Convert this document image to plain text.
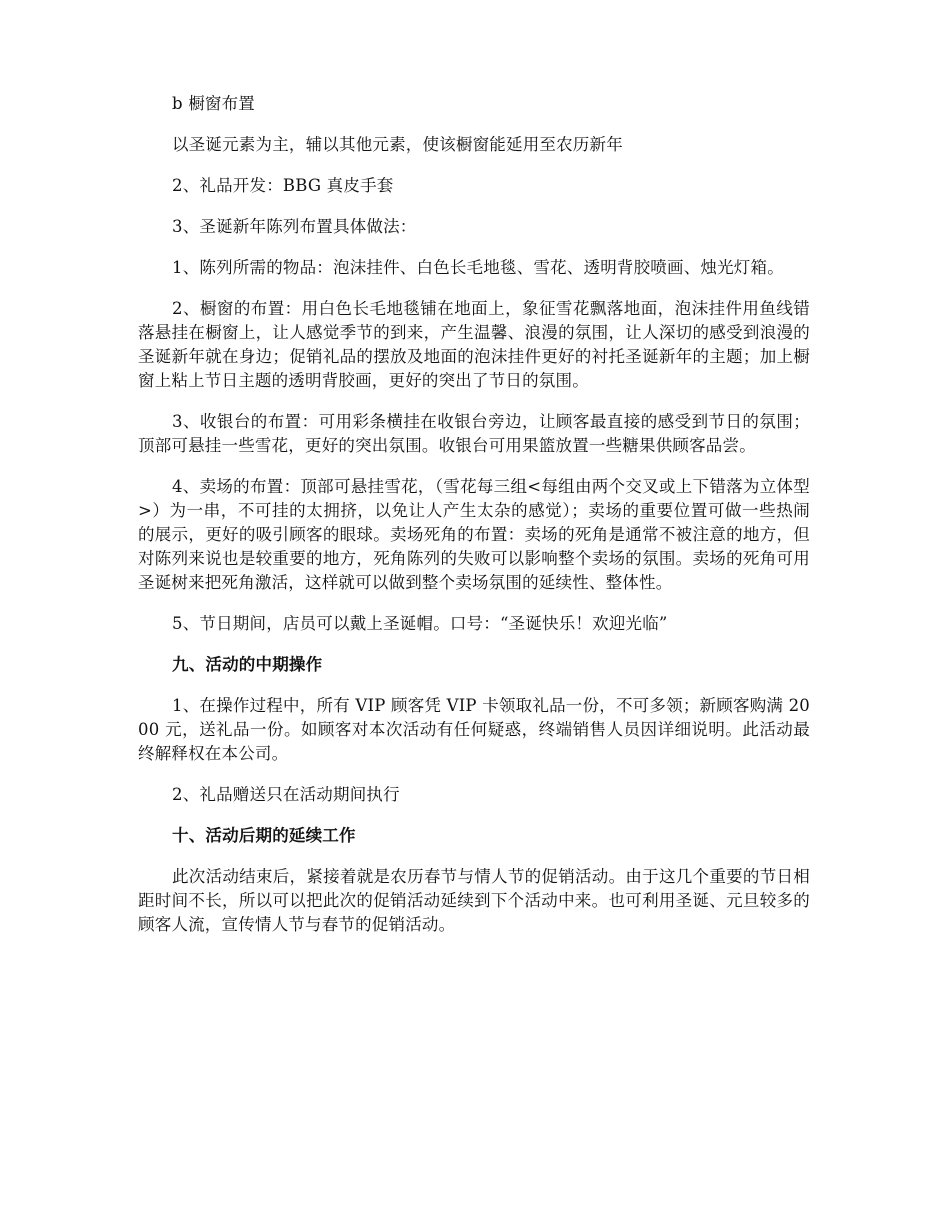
b 橱窗布置

以圣诞元素为主，辅以其他元素，使该橱窗能延用至农历新年

2、礼品开发：BBG 真皮手套

3、圣诞新年陈列布置具体做法：

1、陈列所需的物品：泡沫挂件、白色长毛地毯、雪花、透明背胶喷画、烛光灯箱。

2、橱窗的布置：用白色长毛地毯铺在地面上，象征雪花飘落地面，泡沫挂件用鱼线错落悬挂在橱窗上，让人感觉季节的到来，产生温馨、浪漫的氛围，让人深切的感受到浪漫的圣诞新年就在身边；促销礼品的摆放及地面的泡沫挂件更好的衬托圣诞新年的主题；加上橱窗上粘上节日主题的透明背胶画，更好的突出了节日的氛围。

3、收银台的布置：可用彩条横挂在收银台旁边，让顾客最直接的感受到节日的氛围；顶部可悬挂一些雪花，更好的突出氛围。收银台可用果篮放置一些糖果供顾客品尝。

4、卖场的布置：顶部可悬挂雪花，（雪花每三组<每组由两个交叉或上下错落为立体型>）为一串，不可挂的太拥挤，以免让人产生太杂的感觉）；卖场的重要位置可做一些热闹的展示，更好的吸引顾客的眼球。卖场死角的布置：卖场的死角是通常不被注意的地方，但对陈列来说也是较重要的地方，死角陈列的失败可以影响整个卖场的氛围。卖场的死角可用圣诞树来把死角激活，这样就可以做到整个卖场氛围的延续性、整体性。

5、节日期间，店员可以戴上圣诞帽。口号：“圣诞快乐！欢迎光临”

九、活动的中期操作

1、在操作过程中，所有 VIP 顾客凭 VIP 卡领取礼品一份，不可多领；新顾客购满 2000 元，送礼品一份。如顾客对本次活动有任何疑惑，终端销售人员因详细说明。此活动最终解释权在本公司。

2、礼品赠送只在活动期间执行

十、活动后期的延续工作

此次活动结束后，紧接着就是农历春节与情人节的促销活动。由于这几个重要的节日相距时间不长，所以可以把此次的促销活动延续到下个活动中来。也可利用圣诞、元旦较多的顾客人流，宣传情人节与春节的促销活动。
